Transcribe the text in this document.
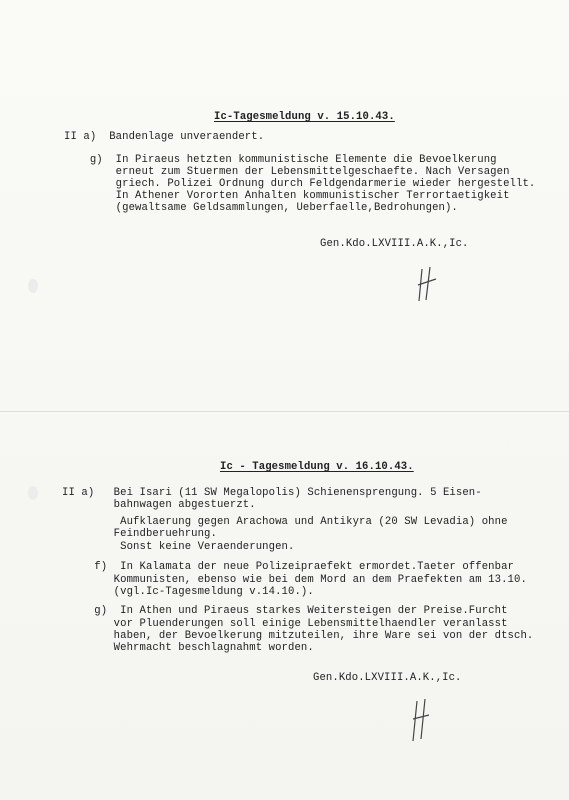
Ic-Tagesmeldung v. 15.10.43.
II a)  Bandenlage unveraendert.
g)  In Piraeus hetzten kommunistische Elemente die Bevoelkerung
erneut zum Stuermen der Lebensmittelgeschaefte. Nach Versagen
griech. Polizei Ordnung durch Feldgendarmerie wieder hergestellt.
In Athener Vororten Anhalten kommunistischer Terrortaetigkeit
(gewaltsame Geldsammlungen, Ueberfaelle,Bedrohungen).
Gen.Kdo.LXVIII.A.K.,Ic.
Ic - Tagesmeldung v. 16.10.43.
II a)   Bei Isari (11 SW Megalopolis) Schienensprengung. 5 Eisen-
bahnwagen abgestuerzt.
Aufklaerung gegen Arachowa und Antikyra (20 SW Levadia) ohne
Feindberuehrung.
Sonst keine Veraenderungen.
f)  In Kalamata der neue Polizeipraefekt ermordet.Taeter offenbar
Kommunisten, ebenso wie bei dem Mord an dem Praefekten am 13.10.
(vgl.Ic-Tagesmeldung v.14.10.).
g)  In Athen und Piraeus starkes Weitersteigen der Preise.Furcht
vor Pluenderungen soll einige Lebensmittelhaendler veranlasst
haben, der Bevoelkerung mitzuteilen, ihre Ware sei von der dtsch.
Wehrmacht beschlagnahmt worden.
Gen.Kdo.LXVIII.A.K.,Ic.
